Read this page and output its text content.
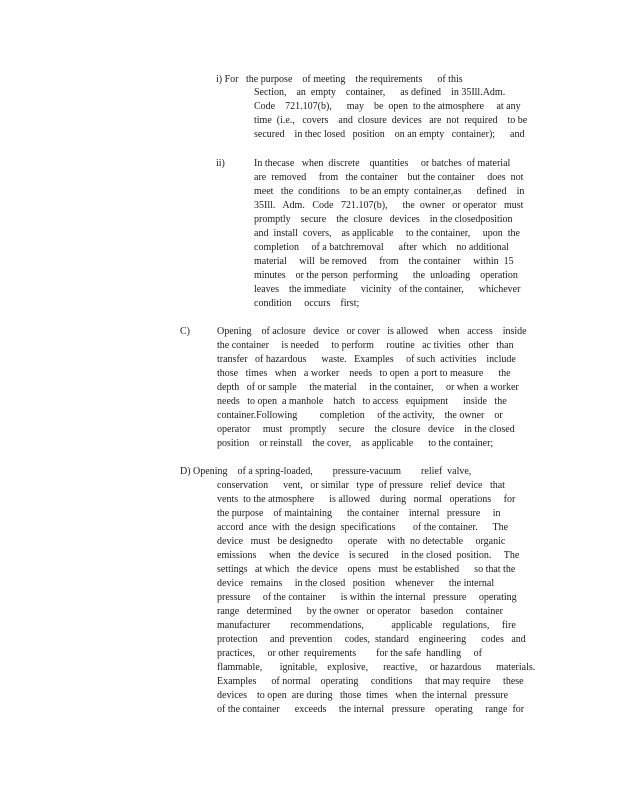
i) For   the purpose    of meeting    the requirements      of this
Section,    an  empty    container,      as defined    in 35Ill.Adm.
Code    721.107(b),      may    be  open  to the atmosphere     at any
time  (i.e.,   covers    and  closure  devices   are  not  required    to be
secured    in thec losed   position    on an empty   container);      and
ii)	In thecase   when  discrete    quantities     or batches  of material
are  removed     from   the container    but the container     does  not
meet   the  conditions    to be an empty  container,as      defined    in
35Ill.   Adm.   Code   721.107(b),      the  owner   or operator   must
promptly    secure    the  closure   devices    in the closedposition
and  install  covers,    as applicable     to the container,     upon  the
completion     of a batchremoval      after  which    no additional
material     will  be removed     from    the container     within  15
minutes    or the person  performing      the  unloading    operation
leaves    the immediate      vicinity   of the container,      whichever
condition     occurs    first;
C)	Opening    of aclosure   device   or cover   is allowed    when   access    inside
the container     is needed     to perform     routine   ac tivities   other   than
transfer   of hazardous      waste.   Examples     of such  activities    include
those   times   when   a worker    needs   to open  a port to measure      the
depth   of or sample     the material     in the container,     or when  a worker
needs   to open  a manhole    hatch   to access   equipment      inside   the
container.Following         completion     of the activity,    the owner    or
operator     must   promptly     secure    the  closure   device    in the closed
position    or reinstall    the cover,    as applicable      to the container;
D) Opening    of a spring-loaded,        pressure-vacuum        relief  valve,
conservation      vent,   or similar   type  of pressure   relief  device   that
vents  to the atmosphere      is allowed    during   normal   operations     for
the purpose    of maintaining      the container    internal   pressure     in
accord  ance  with  the design  specifications       of the container.      The
device   must   be designedto      operate    with  no detectable     organic
emissions     when   the device    is secured     in the closed  position.     The
settings   at which   the device    opens   must  be established      so that the
device   remains     in the closed   position    whenever      the internal
pressure     of the container      is within  the internal   pressure     operating
range   determined      by the owner   or operator    basedon     container
manufacturer        recommendations,           applicable    regulations,     fire
protection     and  prevention     codes,  standard    engineering      codes   and
practices,     or other  requirements        for the safe  handling     of
flammable,       ignitable,    explosive,      reactive,     or hazardous      materials.
Examples      of normal    operating     conditions     that may require     these
devices    to open  are during   those  times   when  the internal   pressure
of the container      exceeds     the internal   pressure    operating     range  for
